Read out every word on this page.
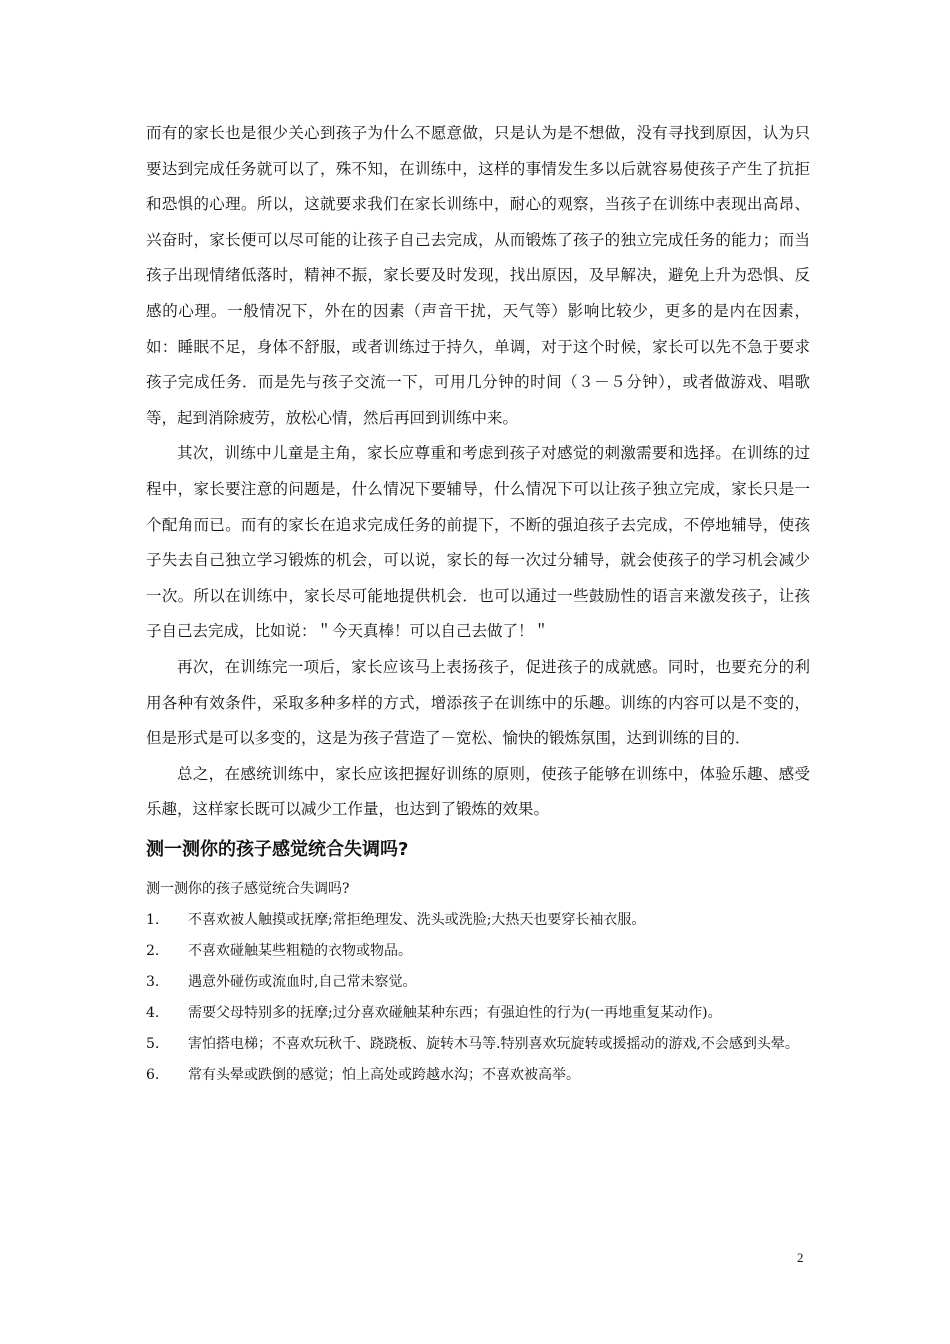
而有的家长也是很少关心到孩子为什么不愿意做，只是认为是不想做，没有寻找到原因，认为只要达到完成任务就可以了，殊不知，在训练中，这样的事情发生多以后就容易使孩子产生了抗拒和恐惧的心理。所以，这就要求我们在家长训练中，耐心的观察，当孩子在训练中表现出高昂、兴奋时，家长便可以尽可能的让孩子自己去完成，从而锻炼了孩子的独立完成任务的能力；而当孩子出现情绪低落时，精神不振，家长要及时发现，找出原因，及早解决，避免上升为恐惧、反感的心理。一般情况下，外在的因素（声音干扰，天气等）影响比较少，更多的是内在因素，如：睡眠不足，身体不舒服，或者训练过于持久，单调，对于这个时候，家长可以先不急于要求孩子完成任务．而是先与孩子交流一下，可用几分钟的时间（３－５分钟），或者做游戏、唱歌等，起到消除疲劳，放松心情，然后再回到训练中来。

其次，训练中儿童是主角，家长应尊重和考虑到孩子对感觉的刺激需要和选择。在训练的过程中，家长要注意的问题是，什么情况下要辅导，什么情况下可以让孩子独立完成，家长只是一个配角而已。而有的家长在追求完成任务的前提下，不断的强迫孩子去完成，不停地辅导，使孩子失去自己独立学习锻炼的机会，可以说，家长的每一次过分辅导，就会使孩子的学习机会减少一次。所以在训练中，家长尽可能地提供机会．也可以通过一些鼓励性的语言来激发孩子，让孩子自己去完成，比如说：＂今天真棒！可以自己去做了！＂

再次，在训练完一项后，家长应该马上表扬孩子，促进孩子的成就感。同时，也要充分的利用各种有效条件，采取多种多样的方式，增添孩子在训练中的乐趣。训练的内容可以是不变的，但是形式是可以多变的，这是为孩子营造了－宽松、愉快的锻炼氛围，达到训练的目的．

总之，在感统训练中，家长应该把握好训练的原则，使孩子能够在训练中，体验乐趣、感受乐趣，这样家长既可以减少工作量，也达到了锻炼的效果。

测一测你的孩子感觉统合失调吗?

测一测你的孩子感觉统合失调吗?

1. 不喜欢被人触摸或抚摩;常拒绝理发、洗头或洗脸;大热天也要穿长袖衣服。
2. 不喜欢碰触某些粗糙的衣物或物品。
3. 遇意外碰伤或流血时,自己常未察觉。
4.	需要父母特别多的抚摩;过分喜欢碰触某种东西；有强迫性的行为(一再地重复某动作)。
5.	害怕搭电梯；不喜欢玩秋千、跷跷板、旋转木马等.特别喜欢玩旋转或援摇动的游戏,不会感到头晕。
6. 常有头晕或跌倒的感觉；怕上高处或跨越水沟；不喜欢被高举。
2
